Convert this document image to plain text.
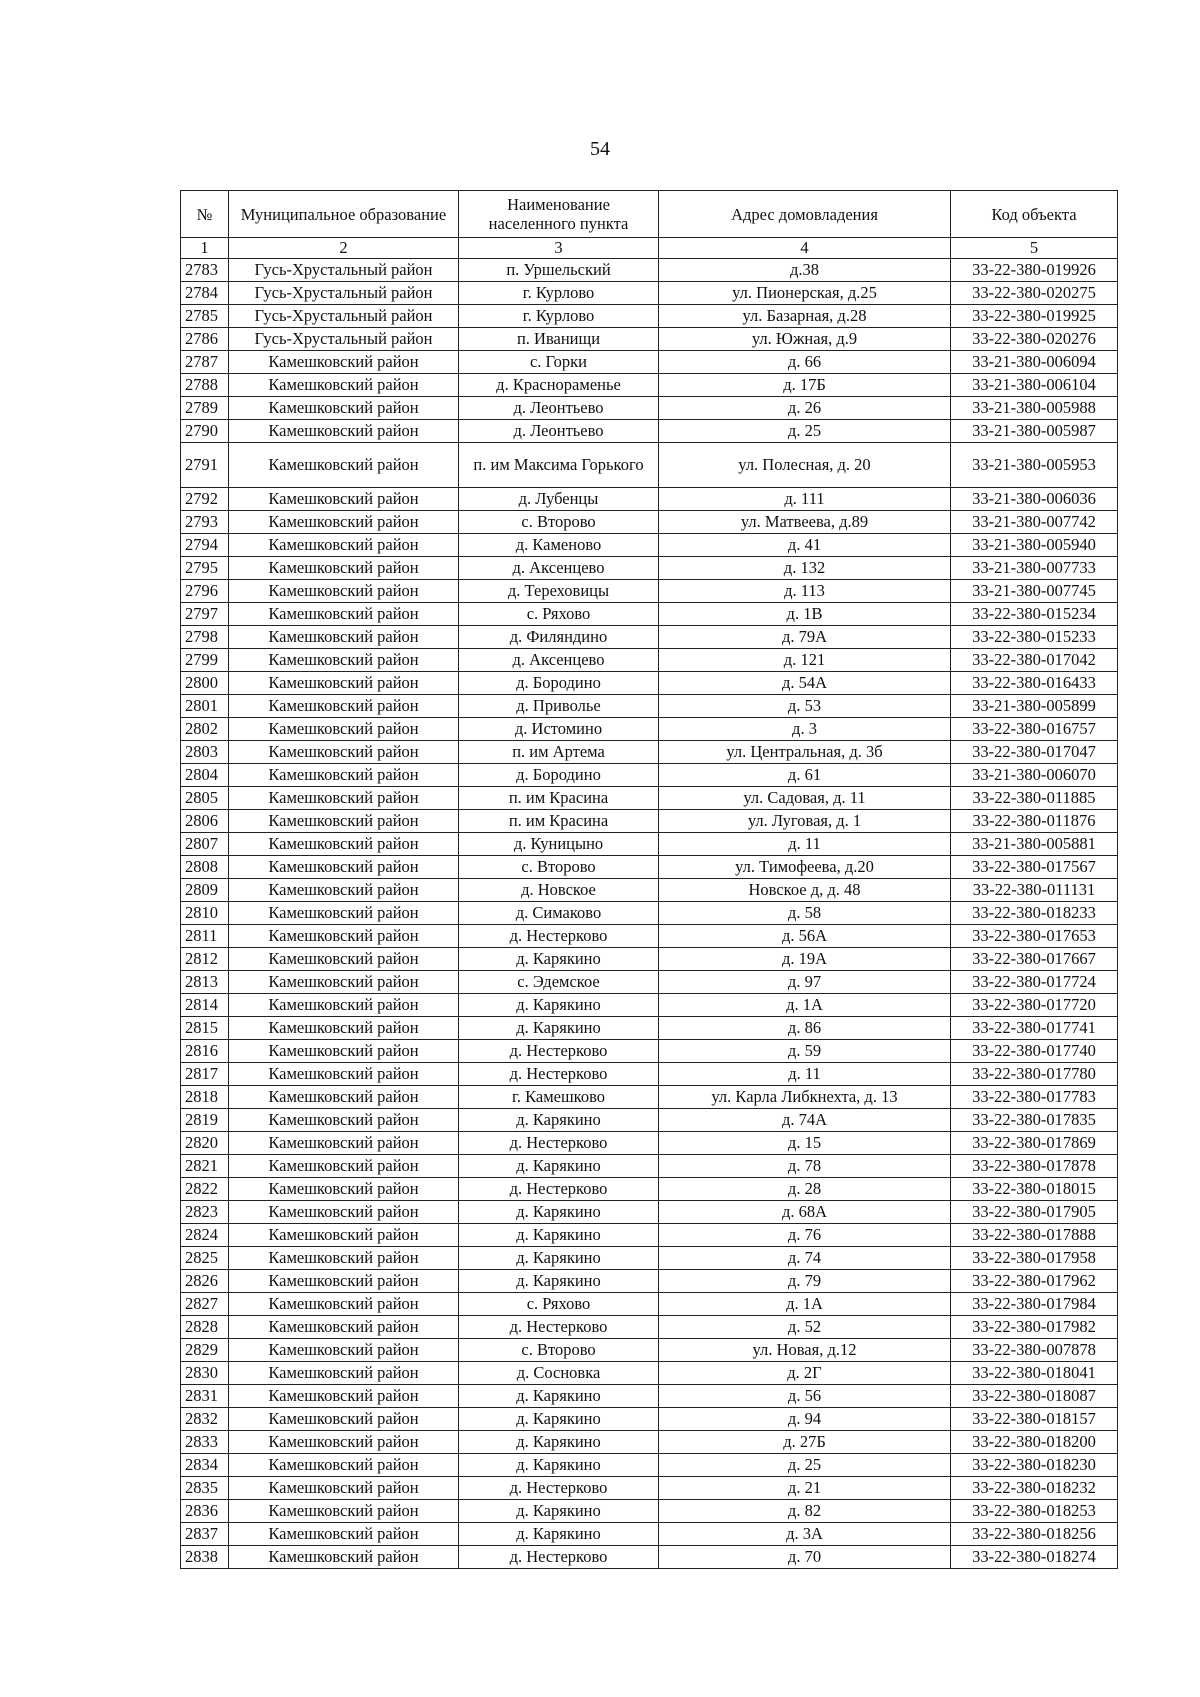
54
№	Муниципальное образование	Наименование населенного пункта	Адрес домовладения	Код объекта
1	2	3	4	5
2783	Гусь-Хрустальный район	п. Уршельский	д.38	33-22-380-019926
2784	Гусь-Хрустальный район	г. Курлово	ул. Пионерская, д.25	33-22-380-020275
2785	Гусь-Хрустальный район	г. Курлово	ул. Базарная, д.28	33-22-380-019925
2786	Гусь-Хрустальный район	п. Иванищи	ул. Южная, д.9	33-22-380-020276
2787	Камешковский район	с. Горки	д. 66	33-21-380-006094
2788	Камешковский район	д. Краснораменье	д. 17Б	33-21-380-006104
2789	Камешковский район	д. Леонтьево	д. 26	33-21-380-005988
2790	Камешковский район	д. Леонтьево	д. 25	33-21-380-005987
2791	Камешковский район	п. им Максима Горького	ул. Полесная, д. 20	33-21-380-005953
2792	Камешковский район	д. Лубенцы	д. 111	33-21-380-006036
2793	Камешковский район	с. Второво	ул. Матвеева, д.89	33-21-380-007742
2794	Камешковский район	д. Каменово	д. 41	33-21-380-005940
2795	Камешковский район	д. Аксенцево	д. 132	33-21-380-007733
2796	Камешковский район	д. Тереховицы	д. 113	33-21-380-007745
2797	Камешковский район	с. Ряхово	д. 1В	33-22-380-015234
2798	Камешковский район	д. Филяндино	д. 79А	33-22-380-015233
2799	Камешковский район	д. Аксенцево	д. 121	33-22-380-017042
2800	Камешковский район	д. Бородино	д. 54А	33-22-380-016433
2801	Камешковский район	д. Приволье	д. 53	33-21-380-005899
2802	Камешковский район	д. Истомино	д. 3	33-22-380-016757
2803	Камешковский район	п. им Артема	ул. Центральная, д. 3б	33-22-380-017047
2804	Камешковский район	д. Бородино	д. 61	33-21-380-006070
2805	Камешковский район	п. им Красина	ул. Садовая, д. 11	33-22-380-011885
2806	Камешковский район	п. им Красина	ул. Луговая, д. 1	33-22-380-011876
2807	Камешковский район	д. Куницыно	д. 11	33-21-380-005881
2808	Камешковский район	с. Второво	ул. Тимофеева, д.20	33-22-380-017567
2809	Камешковский район	д. Новское	Новское д, д. 48	33-22-380-011131
2810	Камешковский район	д. Симаково	д. 58	33-22-380-018233
2811	Камешковский район	д. Нестерково	д. 56А	33-22-380-017653
2812	Камешковский район	д. Карякино	д. 19А	33-22-380-017667
2813	Камешковский район	с. Эдемское	д. 97	33-22-380-017724
2814	Камешковский район	д. Карякино	д. 1А	33-22-380-017720
2815	Камешковский район	д. Карякино	д. 86	33-22-380-017741
2816	Камешковский район	д. Нестерково	д. 59	33-22-380-017740
2817	Камешковский район	д. Нестерково	д. 11	33-22-380-017780
2818	Камешковский район	г. Камешково	ул. Карла Либкнехта, д. 13	33-22-380-017783
2819	Камешковский район	д. Карякино	д. 74А	33-22-380-017835
2820	Камешковский район	д. Нестерково	д. 15	33-22-380-017869
2821	Камешковский район	д. Карякино	д. 78	33-22-380-017878
2822	Камешковский район	д. Нестерково	д. 28	33-22-380-018015
2823	Камешковский район	д. Карякино	д. 68А	33-22-380-017905
2824	Камешковский район	д. Карякино	д. 76	33-22-380-017888
2825	Камешковский район	д. Карякино	д. 74	33-22-380-017958
2826	Камешковский район	д. Карякино	д. 79	33-22-380-017962
2827	Камешковский район	с. Ряхово	д. 1А	33-22-380-017984
2828	Камешковский район	д. Нестерково	д. 52	33-22-380-017982
2829	Камешковский район	с. Второво	ул. Новая, д.12	33-22-380-007878
2830	Камешковский район	д. Сосновка	д. 2Г	33-22-380-018041
2831	Камешковский район	д. Карякино	д. 56	33-22-380-018087
2832	Камешковский район	д. Карякино	д. 94	33-22-380-018157
2833	Камешковский район	д. Карякино	д. 27Б	33-22-380-018200
2834	Камешковский район	д. Карякино	д. 25	33-22-380-018230
2835	Камешковский район	д. Нестерково	д. 21	33-22-380-018232
2836	Камешковский район	д. Карякино	д. 82	33-22-380-018253
2837	Камешковский район	д. Карякино	д. 3А	33-22-380-018256
2838	Камешковский район	д. Нестерково	д. 70	33-22-380-018274
